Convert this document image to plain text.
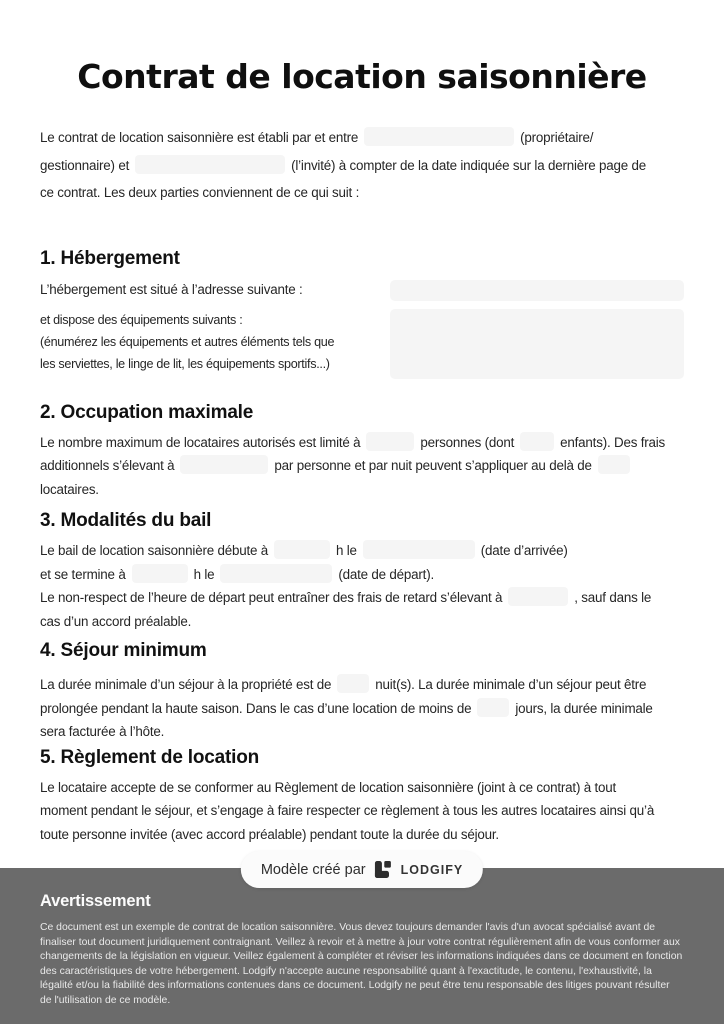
Contrat de location saisonnière
Le contrat de location saisonnière est établi par et entre	(propriétaire/
gestionnaire) et	(l’invité) à compter de la date indiquée sur la dernière page de
ce contrat. Les deux parties conviennent de ce qui suit :
1. Hébergement
L’hébergement est situé à l’adresse suivante :
et dispose des équipements suivants :
(énumérez les équipements et autres éléments tels que
les serviettes, le linge de lit, les équipements sportifs...)
2. Occupation maximale
Le nombre maximum de locataires autorisés est limité à	personnes (dont	enfants). Des frais
additionnels s’élevant à	par personne et par nuit peuvent s’appliquer au delà de
locataires.
3. Modalités du bail
Le bail de location saisonnière débute à	h le	(date d’arrivée)
et se termine à	h le	(date de départ).
Le non-respect de l’heure de départ peut entraîner des frais de retard s’élevant à	, sauf dans le
cas d’un accord préalable.
4. Séjour minimum
La durée minimale d’un séjour à la propriété est de	nuit(s). La durée minimale d’un séjour peut être
prolongée pendant la haute saison. Dans le cas d’une location de moins de	jours, la durée minimale
sera facturée à l’hôte.
5. Règlement de location
Le locataire accepte de se conformer au Règlement de location saisonnière (joint à ce contrat) à tout
moment pendant le séjour, et s’engage à faire respecter ce règlement à tous les autres locataires ainsi qu’à
toute personne invitée (avec accord préalable) pendant toute la durée du séjour.
Modèle créé par	LODGIFY
Avertissement

Ce document est un exemple de contrat de location saisonnière. Vous devez toujours demander l'avis d'un avocat spécialisé avant de finaliser tout document juridiquement contraignant. Veillez à revoir et à mettre à jour votre contrat régulièrement afin de vous conformer aux changements de la législation en vigueur. Veillez également à compléter et réviser les informations indiquées dans ce document en fonction des caractéristiques de votre hébergement. Lodgify n'accepte aucune responsabilité quant à l'exactitude, le contenu, l'exhaustivité, la légalité et/ou la fiabilité des informations contenues dans ce document. Lodgify ne peut être tenu responsable des litiges pouvant résulter de l'utilisation de ce modèle.
